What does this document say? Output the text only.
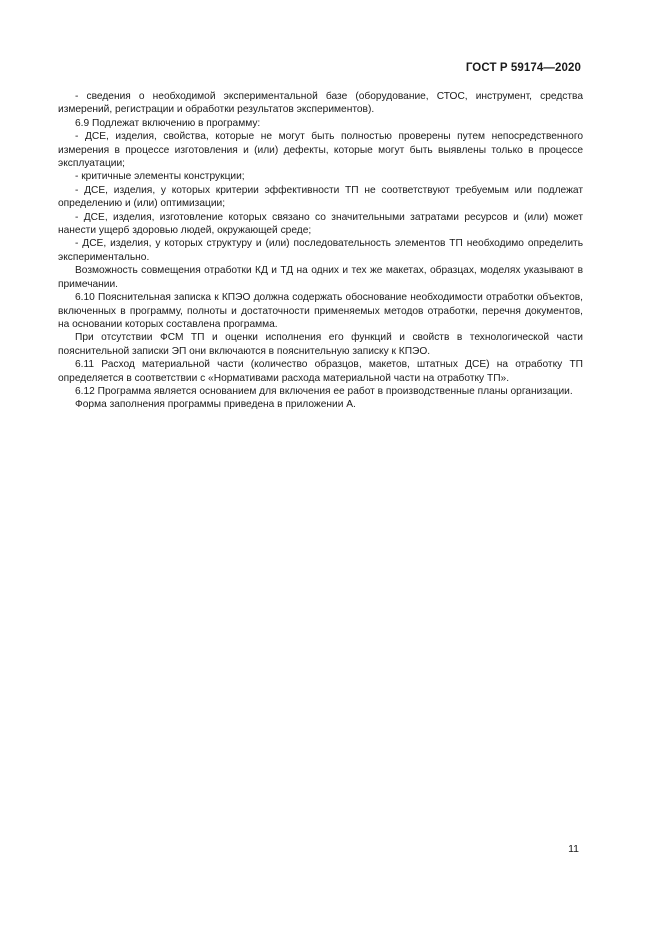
ГОСТ Р 59174—2020

- сведения о необходимой экспериментальной базе (оборудование, СТОС, инструмент, средства измерений, регистрации и обработки результатов экспериментов).

6.9 Подлежат включению в программу:

- ДСЕ, изделия, свойства, которые не могут быть полностью проверены путем непосредственного измерения в процессе изготовления и (или) дефекты, которые могут быть выявлены только в процессе эксплуатации;

- критичные элементы конструкции;

- ДСЕ, изделия, у которых критерии эффективности ТП не соответствуют требуемым или подлежат определению и (или) оптимизации;

- ДСЕ, изделия, изготовление которых связано со значительными затратами ресурсов и (или) может нанести ущерб здоровью людей, окружающей среде;

- ДСЕ, изделия, у которых структуру и (или) последовательность элементов ТП необходимо определить экспериментально.

Возможность совмещения отработки КД и ТД на одних и тех же макетах, образцах, моделях указывают в примечании.

6.10 Пояснительная записка к КПЭО должна содержать обоснование необходимости отработки объектов, включенных в программу, полноты и достаточности применяемых методов отработки, перечня документов, на основании которых составлена программа.

При отсутствии ФСМ ТП и оценки исполнения его функций и свойств в технологической части пояснительной записки ЭП они включаются в пояснительную записку к КПЭО.

6.11 Расход материальной части (количество образцов, макетов, штатных ДСЕ) на отработку ТП определяется в соответствии с «Нормативами расхода материальной части на отработку ТП».

6.12 Программа является основанием для включения ее работ в производственные планы организации.

Форма заполнения программы приведена в приложении А.

11
